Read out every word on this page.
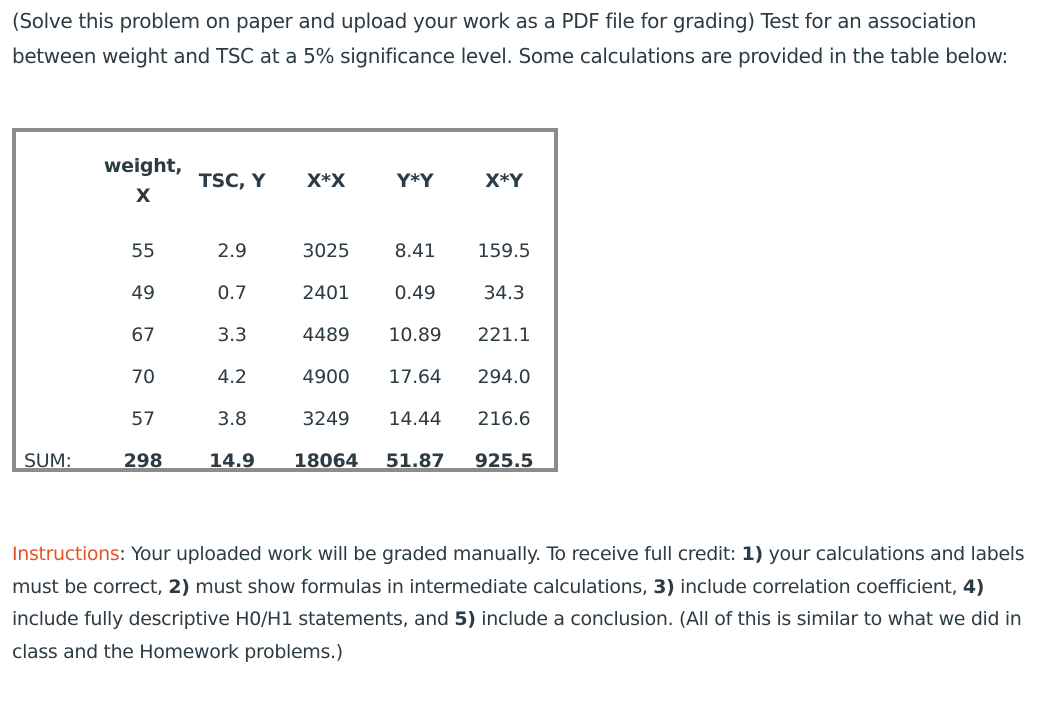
(Solve this problem on paper and upload your work as a PDF file for grading) Test for an association between weight and TSC at a 5% significance level. Some calculations are provided in the table below:

	weight, X	TSC, Y	X*X	Y*Y	X*Y
	55	2.9	3025	8.41	159.5
	49	0.7	2401	0.49	34.3
	67	3.3	4489	10.89	221.1
	70	4.2	4900	17.64	294.0
	57	3.8	3249	14.44	216.6
SUM:	298	14.9	18064	51.87	925.5

Instructions: Your uploaded work will be graded manually. To receive full credit: 1) your calculations and labels must be correct, 2) must show formulas in intermediate calculations, 3) include correlation coefficient, 4) include fully descriptive H0/H1 statements, and 5) include a conclusion. (All of this is similar to what we did in class and the Homework problems.)
